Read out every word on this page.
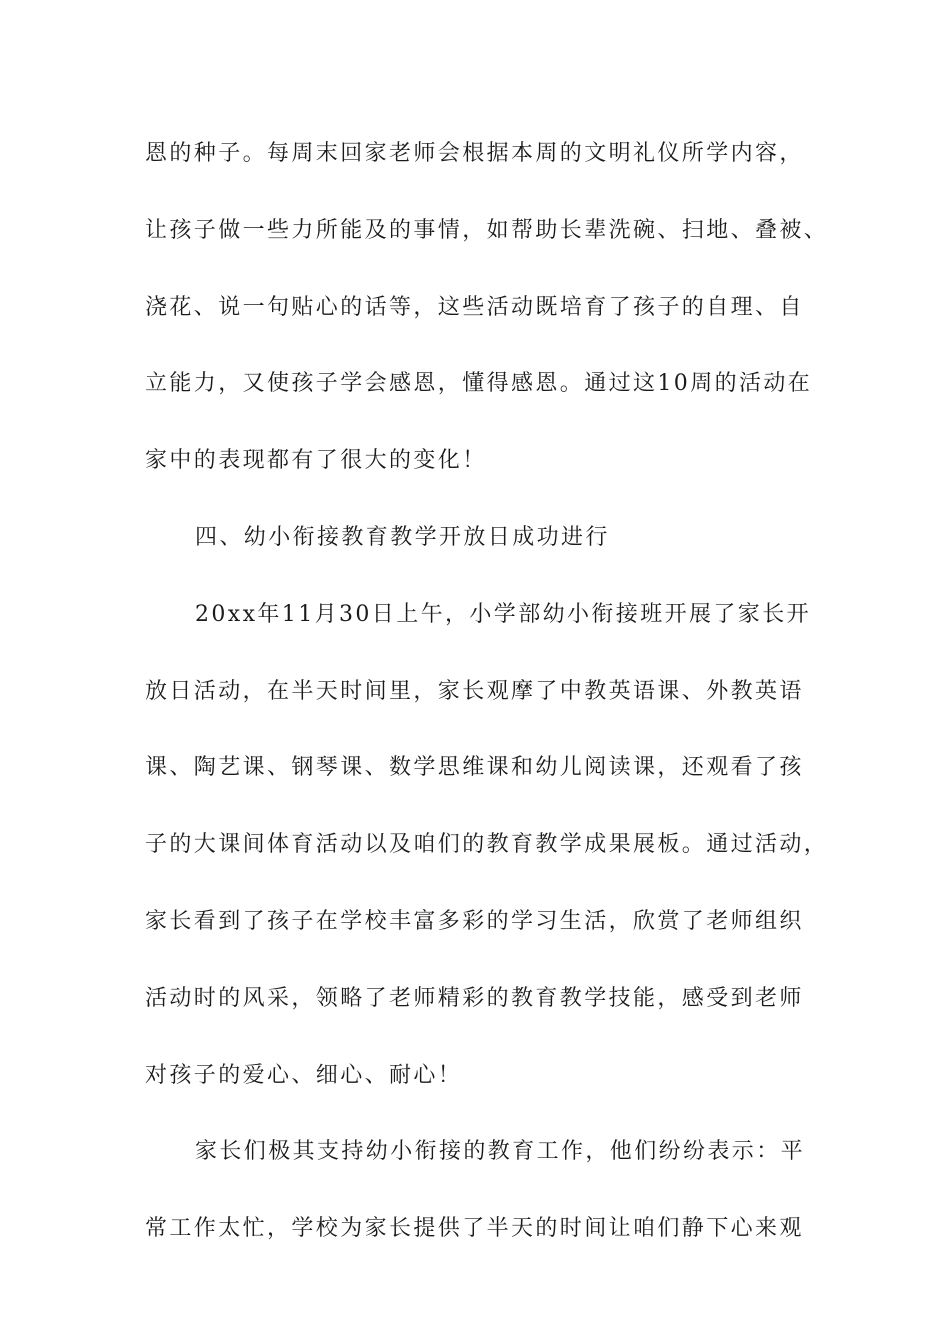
恩的种子。每周末回家老师会根据本周的文明礼仪所学内容，
让孩子做一些力所能及的事情，如帮助长辈洗碗、扫地、叠被、
浇花、说一句贴心的话等，这些活动既培育了孩子的自理、自
立能力，又使孩子学会感恩，懂得感恩。通过这10周的活动在
家中的表现都有了很大的变化！
四、幼小衔接教育教学开放日成功进行
20xx年11月30日上午，小学部幼小衔接班开展了家长开
放日活动，在半天时间里，家长观摩了中教英语课、外教英语
课、陶艺课、钢琴课、数学思维课和幼儿阅读课，还观看了孩
子的大课间体育活动以及咱们的教育教学成果展板。通过活动，
家长看到了孩子在学校丰富多彩的学习生活，欣赏了老师组织
活动时的风采，领略了老师精彩的教育教学技能，感受到老师
对孩子的爱心、细心、耐心！
家长们极其支持幼小衔接的教育工作，他们纷纷表示：平
常工作太忙，学校为家长提供了半天的时间让咱们静下心来观
